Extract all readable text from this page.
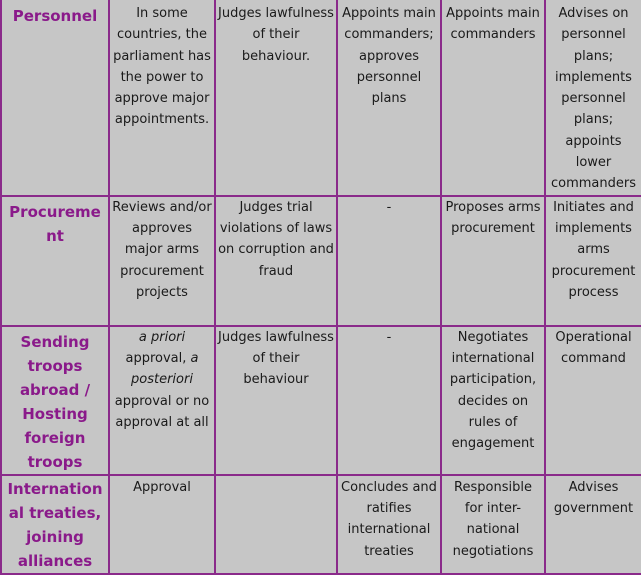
Personnel	In some countries, the parliament has the power to approve major appointments.	Judges lawfulness of their behaviour.	Appoints main commanders; approves personnel plans	Appoints main commanders	Advises on personnel plans; implements personnel plans; appoints lower commanders
Procurement	Reviews and/or approves major arms procurement projects	Judges trial violations of laws on corruption and fraud	-	Proposes arms procurement	Initiates and implements arms procurement process
Sending troops abroad / Hosting foreign troops	a priori approval, a posteriori approval or no approval at all	Judges lawfulness of their behaviour	-	Negotiates international participation, decides on rules of engagement	Operational command
International treaties, joining alliances	Approval		Concludes and ratifies international treaties	Responsible for inter-national negotiations	Advises government
